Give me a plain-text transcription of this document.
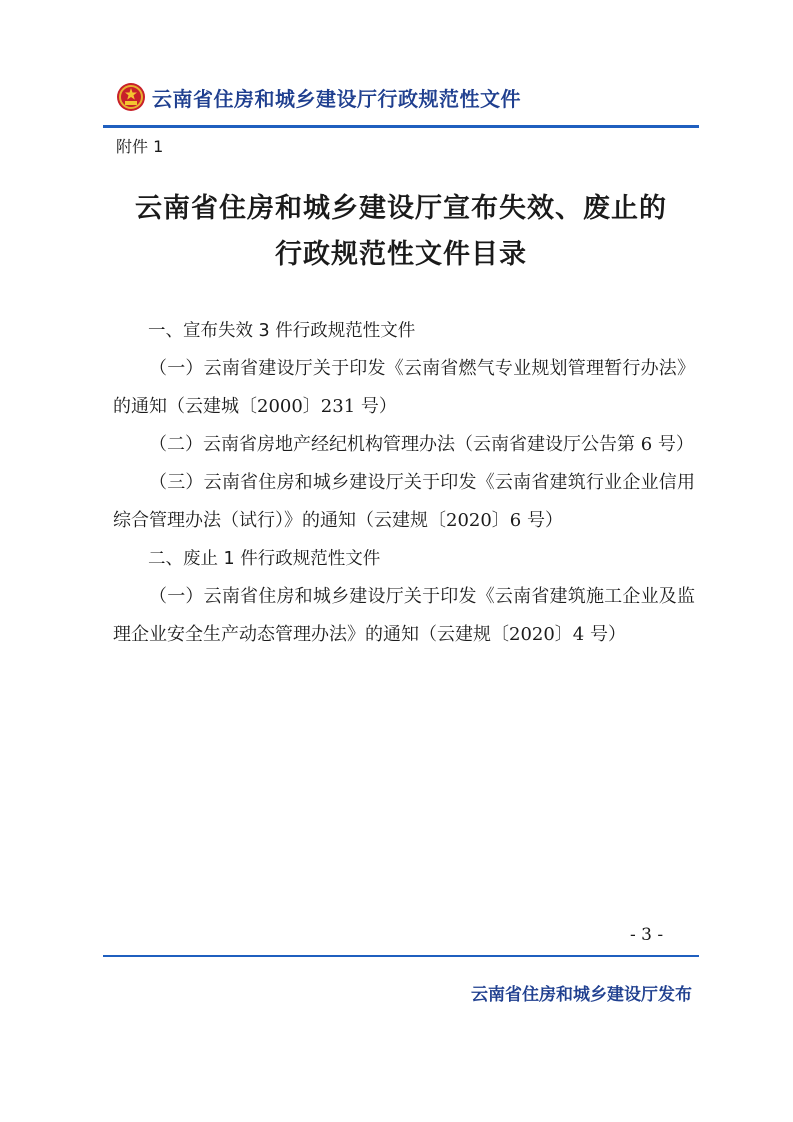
云南省住房和城乡建设厅行政规范性文件
附件 1
云南省住房和城乡建设厅宣布失效、废止的
行政规范性文件目录

一、宣布失效 3 件行政规范性文件

（一）云南省建设厅关于印发《云南省燃气专业规划管理暂行办法》的通知（云建城〔2000〕231 号）

（二）云南省房地产经纪机构管理办法（云南省建设厅公告第 6 号）

（三）云南省住房和城乡建设厅关于印发《云南省建筑行业企业信用综合管理办法（试行）》的通知（云建规〔2020〕6 号）

二、废止 1 件行政规范性文件

（一）云南省住房和城乡建设厅关于印发《云南省建筑施工企业及监理企业安全生产动态管理办法》的通知（云建规〔2020〕4 号）

- 3 -
云南省住房和城乡建设厅发布
